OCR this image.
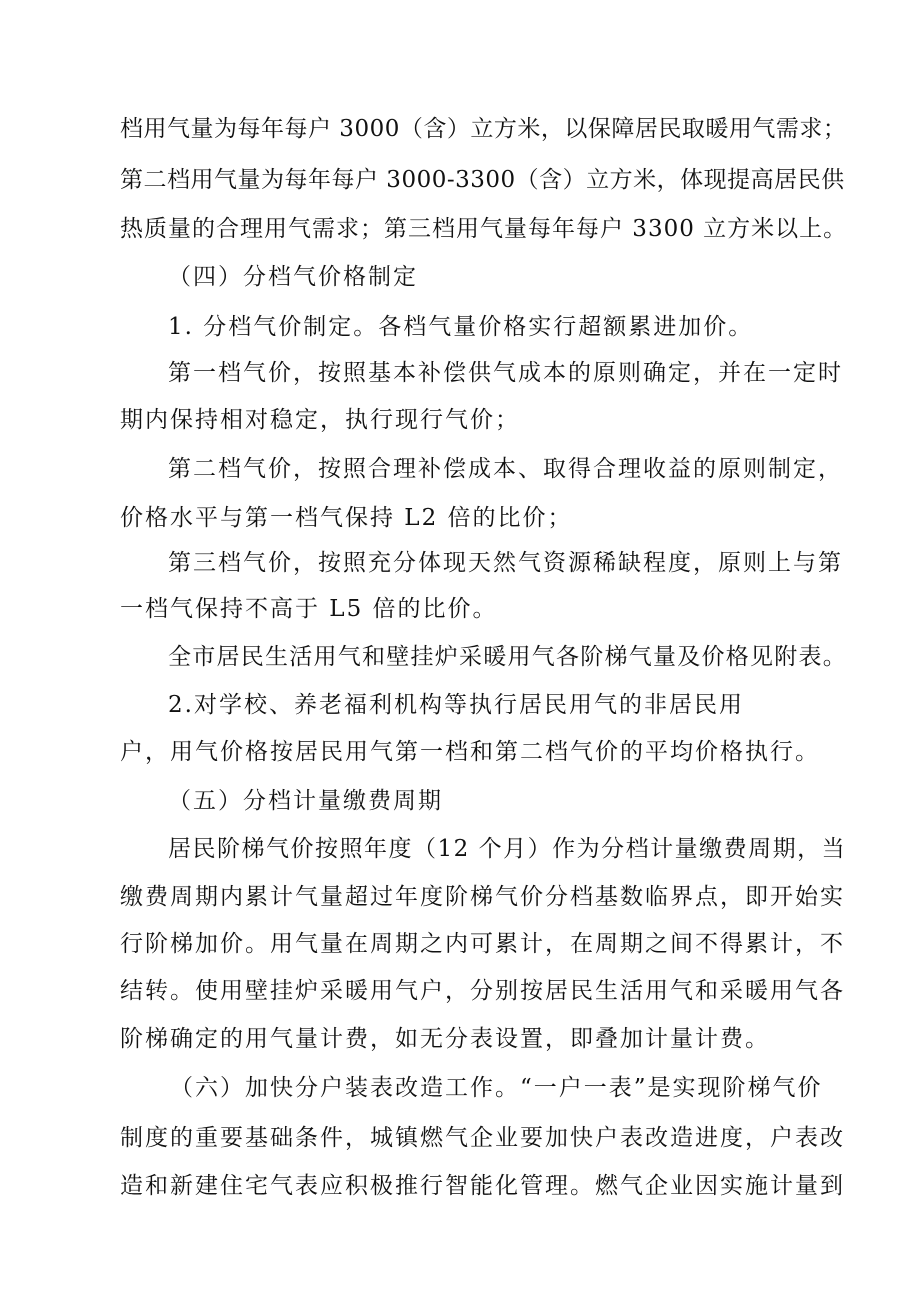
档用气量为每年每户 3000（含）立方米，以保障居民取暖用气需求；
第二档用气量为每年每户 3000-3300（含）立方米，体现提高居民供
热质量的合理用气需求；第三档用气量每年每户 3300 立方米以上。
（四）分档气价格制定
1. 分档气价制定。各档气量价格实行超额累进加价。
第一档气价，按照基本补偿供气成本的原则确定，并在一定时
期内保持相对稳定，执行现行气价；
第二档气价，按照合理补偿成本、取得合理收益的原则制定，
价格水平与第一档气保持 L2 倍的比价；
第三档气价，按照充分体现天然气资源稀缺程度，原则上与第
一档气保持不高于 L5 倍的比价。
全市居民生活用气和壁挂炉采暖用气各阶梯气量及价格见附表。
2.对学校、养老福利机构等执行居民用气的非居民用
户，用气价格按居民用气第一档和第二档气价的平均价格执行。
（五）分档计量缴费周期
居民阶梯气价按照年度（12 个月）作为分档计量缴费周期，当
缴费周期内累计气量超过年度阶梯气价分档基数临界点，即开始实
行阶梯加价。用气量在周期之内可累计，在周期之间不得累计，不
结转。使用壁挂炉采暖用气户，分别按居民生活用气和采暖用气各
阶梯确定的用气量计费，如无分表设置，即叠加计量计费。
（六）加快分户装表改造工作。“一户一表”是实现阶梯气价
制度的重要基础条件，城镇燃气企业要加快户表改造进度，户表改
造和新建住宅气表应积极推行智能化管理。燃气企业因实施计量到
